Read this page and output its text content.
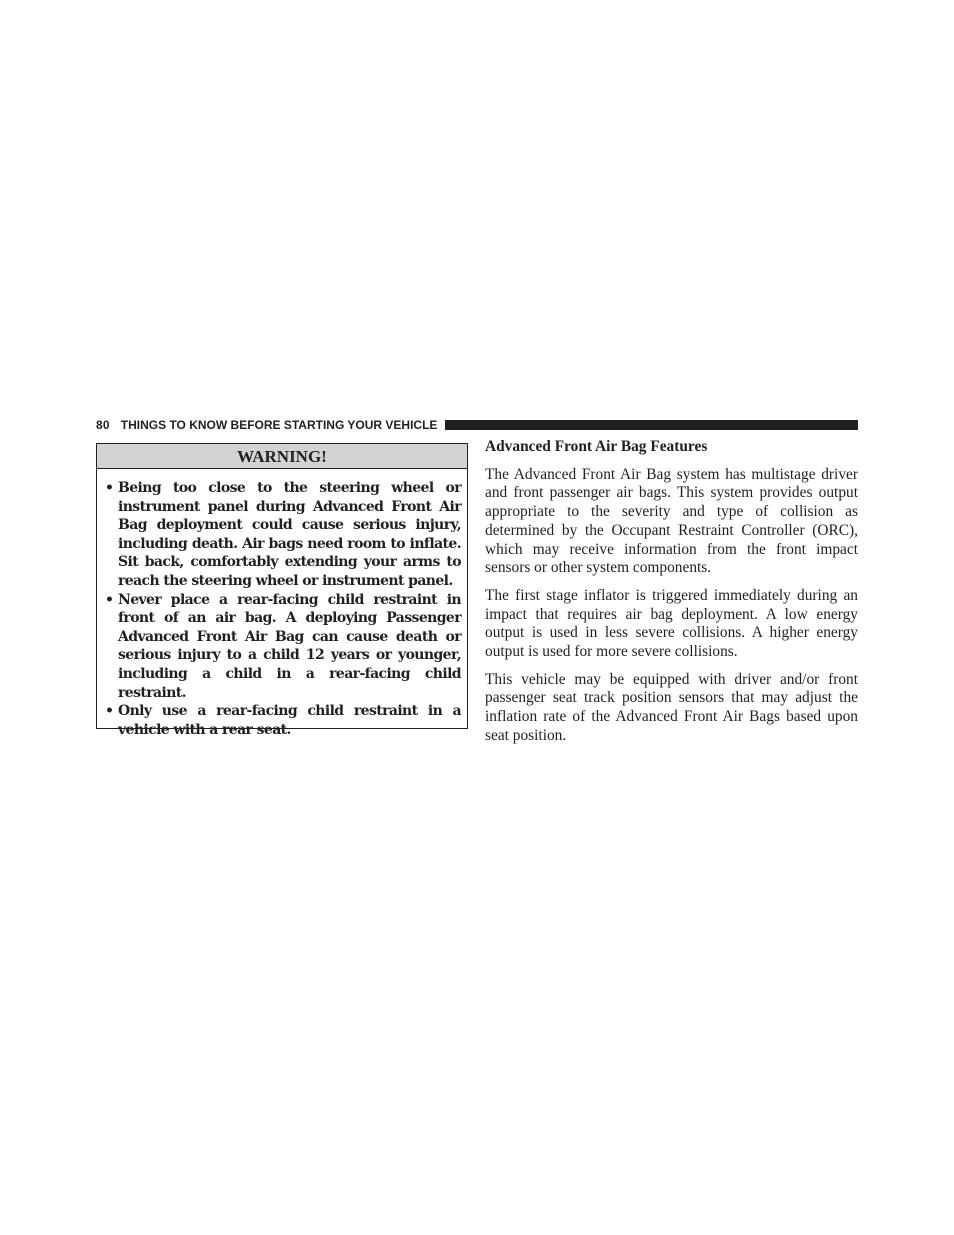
80 THINGS TO KNOW BEFORE STARTING YOUR VEHICLE
WARNING!
• Being too close to the steering wheel or instrument panel during Advanced Front Air Bag deployment could cause serious injury, including death. Air bags need room to inflate. Sit back, comfortably extending your arms to reach the steering wheel or instrument panel.
• Never place a rear-facing child restraint in front of an air bag. A deploying Passenger Advanced Front Air Bag can cause death or serious injury to a child 12 years or younger, including a child in a rear-facing child restraint.
• Only use a rear-facing child restraint in a vehicle with a rear seat.
Advanced Front Air Bag Features

The Advanced Front Air Bag system has multistage driver and front passenger air bags. This system provides output appropriate to the severity and type of collision as determined by the Occupant Restraint Controller (ORC), which may receive information from the front impact sensors or other system components.

The first stage inflator is triggered immediately during an impact that requires air bag deployment. A low energy output is used in less severe collisions. A higher energy output is used for more severe collisions.

This vehicle may be equipped with driver and/or front passenger seat track position sensors that may adjust the inflation rate of the Advanced Front Air Bags based upon seat position.
